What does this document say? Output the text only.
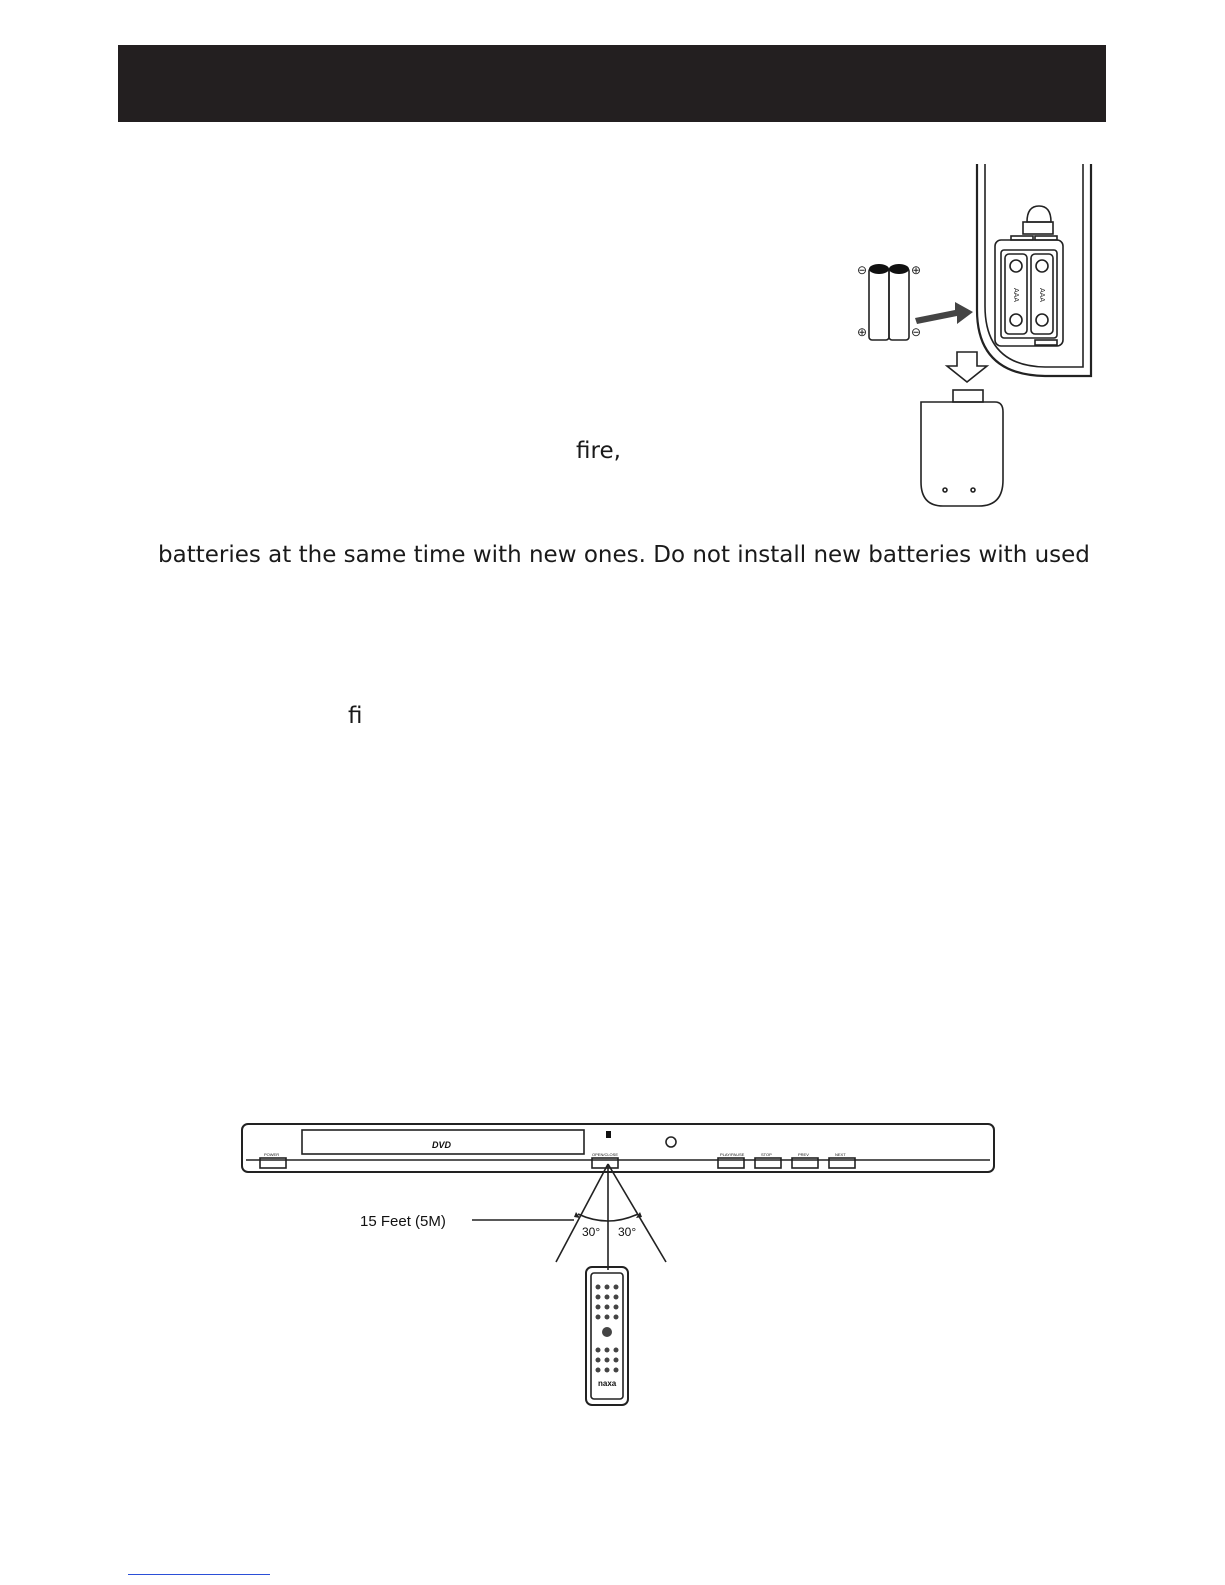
fire,
batteries at the same time with new ones. Do not install new batteries with used
fi
⊖	⊕
⊕	⊖
AAA	AAA
DVD
POWER	OPEN/CLOSE	PLAY/PAUSE	STOP	PREV	NEXT
15 Feet (5M)
30° 30°
naxa
